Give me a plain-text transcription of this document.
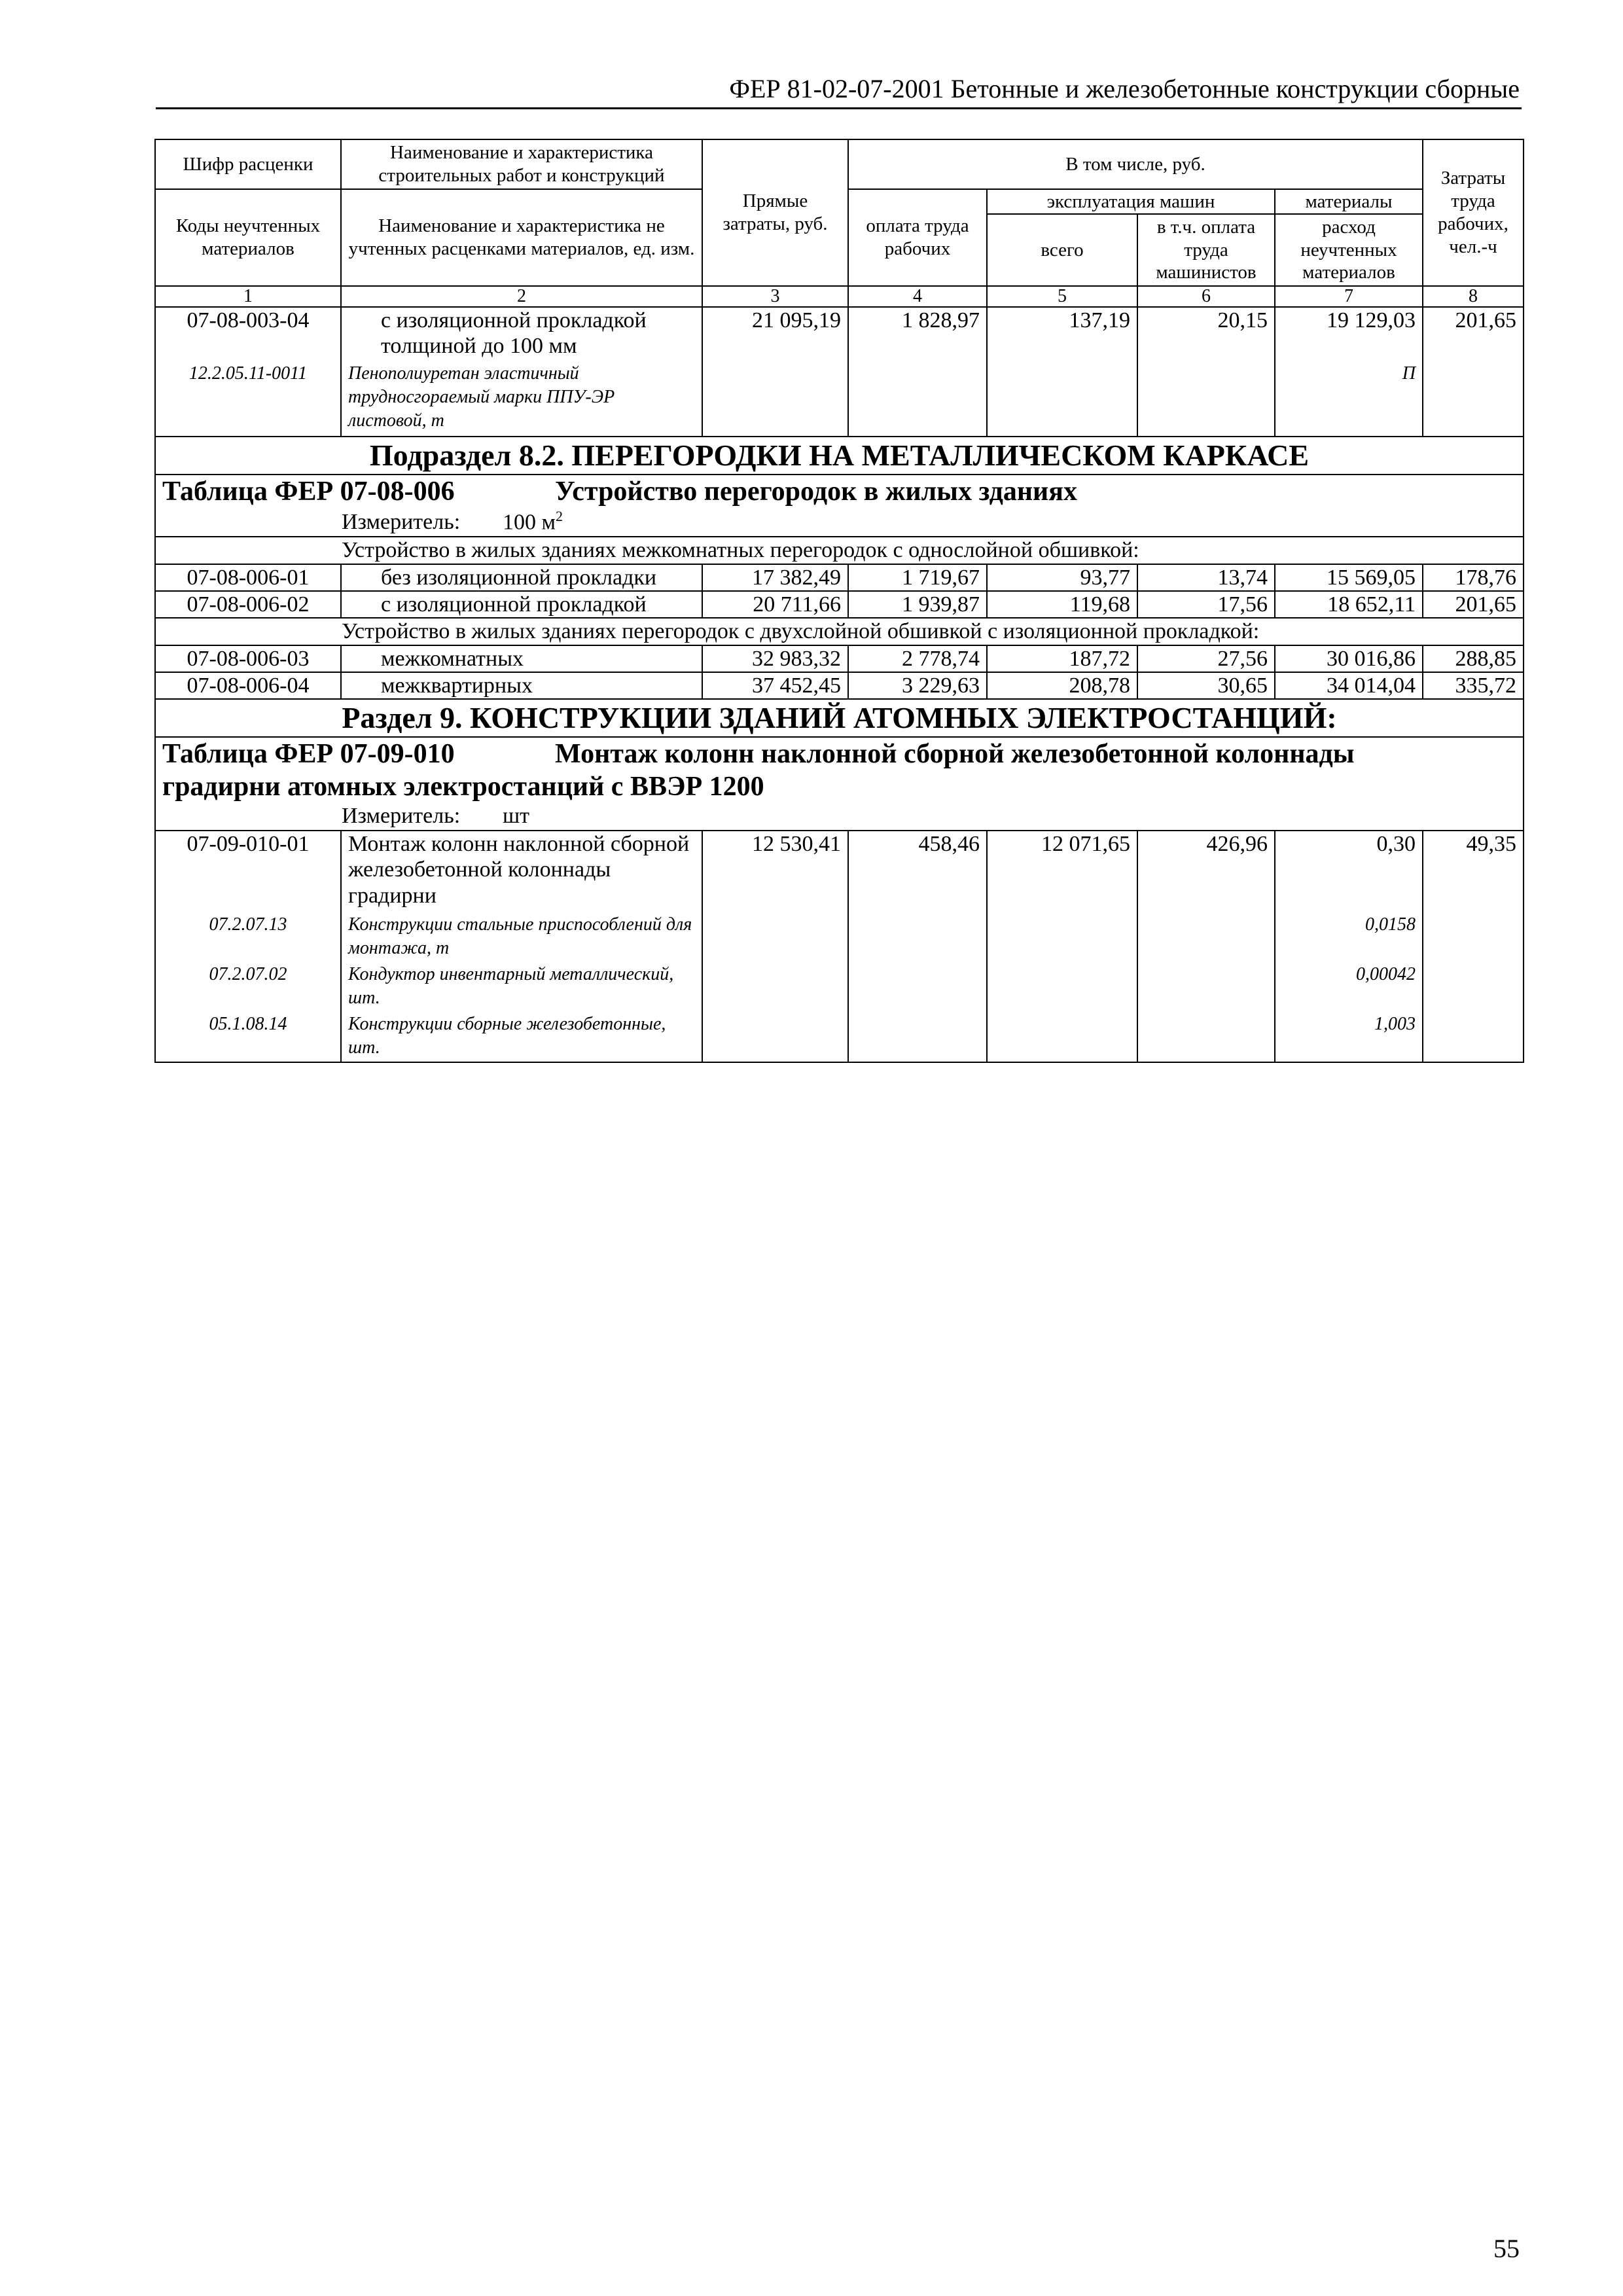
ФЕР 81-02-07-2001 Бетонные и железобетонные конструкции сборные
Шифр расценки	Наименование и характеристика строительных работ и конструкций	Прямые затраты, руб.	В том числе, руб.				Затраты труда рабочих, чел.-ч
Коды неучтенных материалов	Наименование и характеристика не учтенных расценками материалов, ед. изм.		оплата труда рабочих	эксплуатация машин		материалы	
				всего	в т.ч. оплата труда машинистов	расход неучтенных материалов	
1	2	3	4	5	6	7	8
07-08-003-04	с изоляционной прокладкой толщиной до 100 мм	21 095,19	1 828,97	137,19	20,15	19 129,03	201,65
12.2.05.11-0011	Пенополиуретан эластичный трудносгораемый марки ППУ-ЭР листовой, т					П	
Подраздел 8.2. ПЕРЕГОРОДКИ НА МЕТАЛЛИЧЕСКОМ КАРКАСЕ							
Таблица ФЕР 07-08-006 Устройство перегородок в жилых зданиях							
Измеритель: 100 $м^2$
Устройство в жилых зданиях межкомнатных перегородок с однослойной обшивкой:							
07-08-006-01	без изоляционной прокладки	17 382,49	1 719,67	93,77	13,74	15 569,05	178,76
07-08-006-02	с изоляционной прокладкой	20 711,66	1 939,87	119,68	17,56	18 652,11	201,65
Устройство в жилых зданиях перегородок с двухслойной обшивкой с изоляционной прокладкой:							
07-08-006-03	межкомнатных	32 983,32	2 778,74	187,72	27,56	30 016,86	288,85
07-08-006-04	межквартирных	37 452,45	3 229,63	208,78	30,65	34 014,04	335,72
Раздел 9. КОНСТРУКЦИИ ЗДАНИЙ АТОМНЫХ ЭЛЕКТРОСТАНЦИЙ:							
Таблица ФЕР 07-09-010 Монтаж колонн наклонной сборной железобетонной колоннады							
градирни атомных электростанций с ВВЭР 1200							
Измеритель: шт							
07-09-010-01	Монтаж колонн наклонной сборной железобетонной колоннады градирни	12 530,41	458,46	12 071,65	426,96	0,30	49,35
07.2.07.13	Конструкции стальные приспособлений для монтажа, т					0,0158	
07.2.07.02	Кондуктор инвентарный металлический, шт.					0,00042	
05.1.08.14	Конструкции сборные железобетонные, шт.					1,003	
55
